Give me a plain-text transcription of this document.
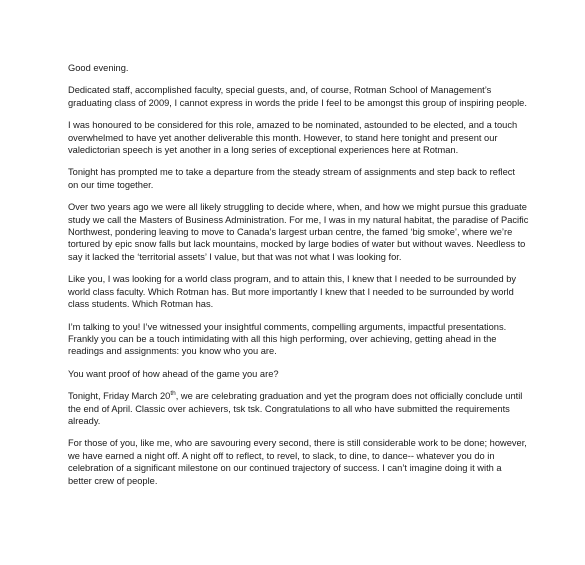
Good evening.

Dedicated staff, accomplished faculty, special guests, and, of course, Rotman School of Management’s
graduating class of 2009, I cannot express in words the pride I feel to be amongst this group of inspiring people.

I was honoured to be considered for this role, amazed to be nominated, astounded to be elected, and a touch
overwhelmed to have yet another deliverable this month. However, to stand here tonight and present our
valedictorian speech is yet another in a long series of exceptional experiences here at Rotman.

Tonight has prompted me to take a departure from the steady stream of assignments and step back to reflect
on our time together.

Over two years ago we were all likely struggling to decide where, when, and how we might pursue this graduate
study we call the Masters of Business Administration. For me, I was in my natural habitat, the paradise of Pacific
Northwest, pondering leaving to move to Canada’s largest urban centre, the famed ‘big smoke’, where we’re
tortured by epic snow falls but lack mountains, mocked by large bodies of water but without waves. Needless to
say it lacked the ‘territorial assets’ I value, but that was not what I was looking for.

Like you, I was looking for a world class program, and to attain this, I knew that I needed to be surrounded by
world class faculty. Which Rotman has. But more importantly I knew that I needed to be surrounded by world
class students. Which Rotman has.

I’m talking to you! I’ve witnessed your insightful comments, compelling arguments, impactful presentations.
Frankly you can be a touch intimidating with all this high performing, over achieving, getting ahead in the
readings and assignments: you know who you are.

You want proof of how ahead of the game you are?

Tonight, Friday March 20th, we are celebrating graduation and yet the program does not officially conclude until
the end of April. Classic over achievers, tsk tsk. Congratulations to all who have submitted the requirements
already.

For those of you, like me, who are savouring every second, there is still considerable work to be done; however,
we have earned a night off. A night off to reflect, to revel, to slack, to dine, to dance-- whatever you do in
celebration of a significant milestone on our continued trajectory of success. I can’t imagine doing it with a
better crew of people.
